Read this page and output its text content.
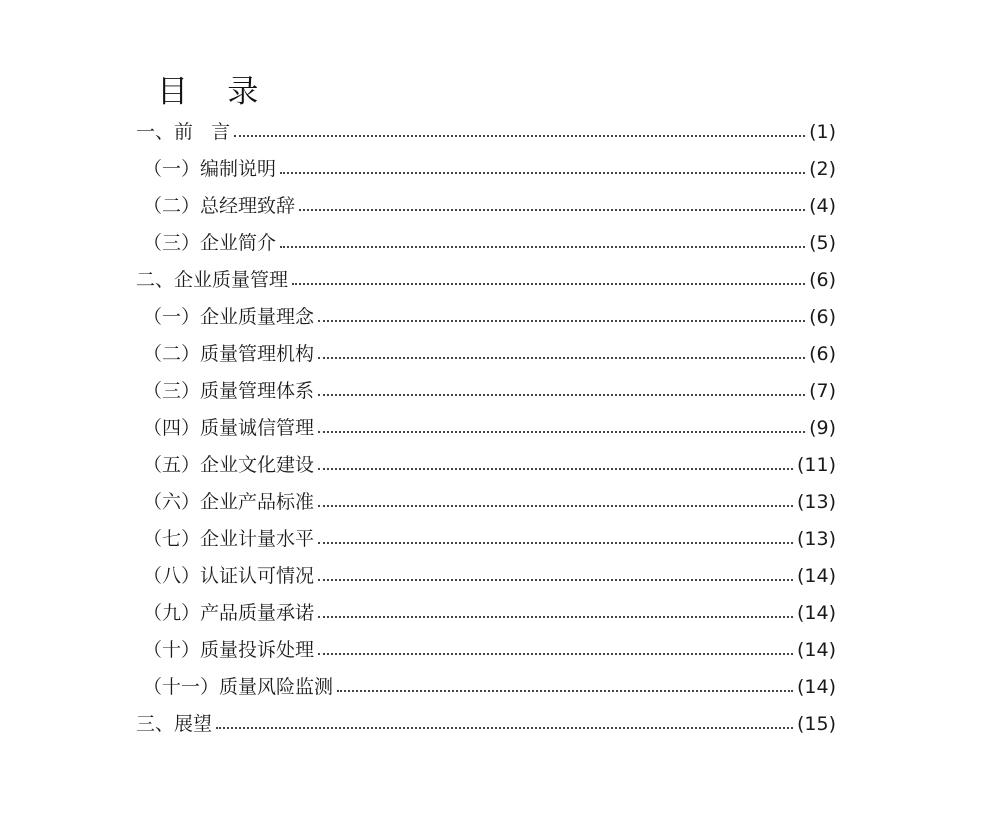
目    录
一、前   言	(1)
（一）编制说明	(2)
（二）总经理致辞	(4)
（三）企业简介	(5)
二、企业质量管理	(6)
（一）企业质量理念	(6)
（二）质量管理机构	(6)
（三）质量管理体系	(7)
（四）质量诚信管理	(9)
（五）企业文化建设	(11)
（六）企业产品标准	(13)
（七）企业计量水平	(13)
（八）认证认可情况	(14)
（九）产品质量承诺	(14)
（十）质量投诉处理	(14)
（十一）质量风险监测	(14)
三、展望	(15)
